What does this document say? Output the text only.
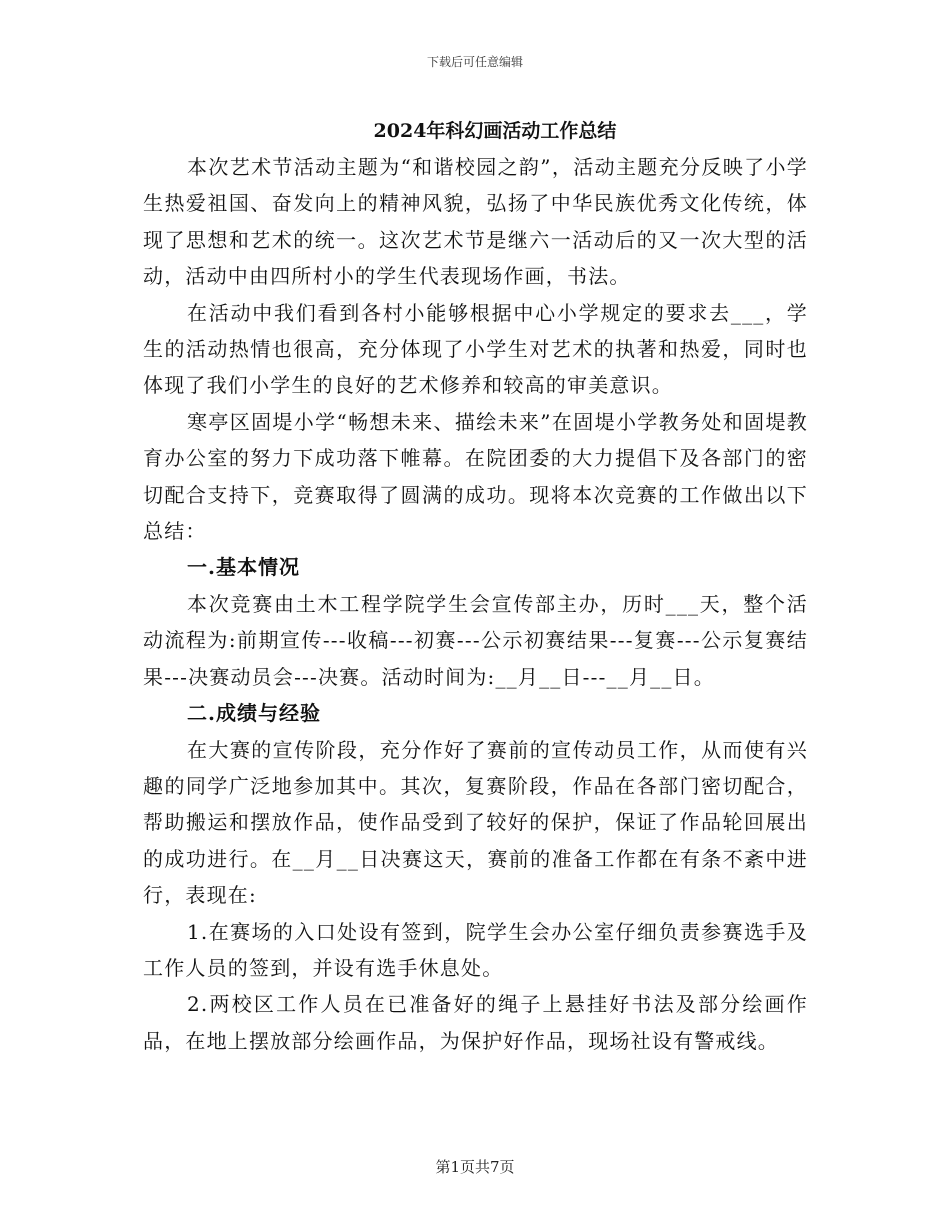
下载后可任意编辑
2024年科幻画活动工作总结

本次艺术节活动主题为“和谐校园之韵”，活动主题充分反映了小学生热爱祖国、奋发向上的精神风貌，弘扬了中华民族优秀文化传统，体现了思想和艺术的统一。这次艺术节是继六一活动后的又一次大型的活动，活动中由四所村小的学生代表现场作画，书法。

在活动中我们看到各村小能够根据中心小学规定的要求去___，学生的活动热情也很高，充分体现了小学生对艺术的执著和热爱，同时也体现了我们小学生的良好的艺术修养和较高的审美意识。

寒亭区固堤小学“畅想未来、描绘未来”在固堤小学教务处和固堤教育办公室的努力下成功落下帷幕。在院团委的大力提倡下及各部门的密切配合支持下，竞赛取得了圆满的成功。现将本次竞赛的工作做出以下总结：

一.基本情况

本次竞赛由土木工程学院学生会宣传部主办，历时___天，整个活动流程为:前期宣传---收稿---初赛---公示初赛结果---复赛---公示复赛结果---决赛动员会---决赛。活动时间为:__月__日---__月__日。

二.成绩与经验

在大赛的宣传阶段，充分作好了赛前的宣传动员工作，从而使有兴趣的同学广泛地参加其中。其次，复赛阶段，作品在各部门密切配合，帮助搬运和摆放作品，使作品受到了较好的保护，保证了作品轮回展出的成功进行。在__月__日决赛这天，赛前的准备工作都在有条不紊中进行，表现在:

1.在赛场的入口处设有签到，院学生会办公室仔细负责参赛选手及工作人员的签到，并设有选手休息处。

2.两校区工作人员在已准备好的绳子上悬挂好书法及部分绘画作品，在地上摆放部分绘画作品，为保护好作品，现场社设有警戒线。

第1页共7页
